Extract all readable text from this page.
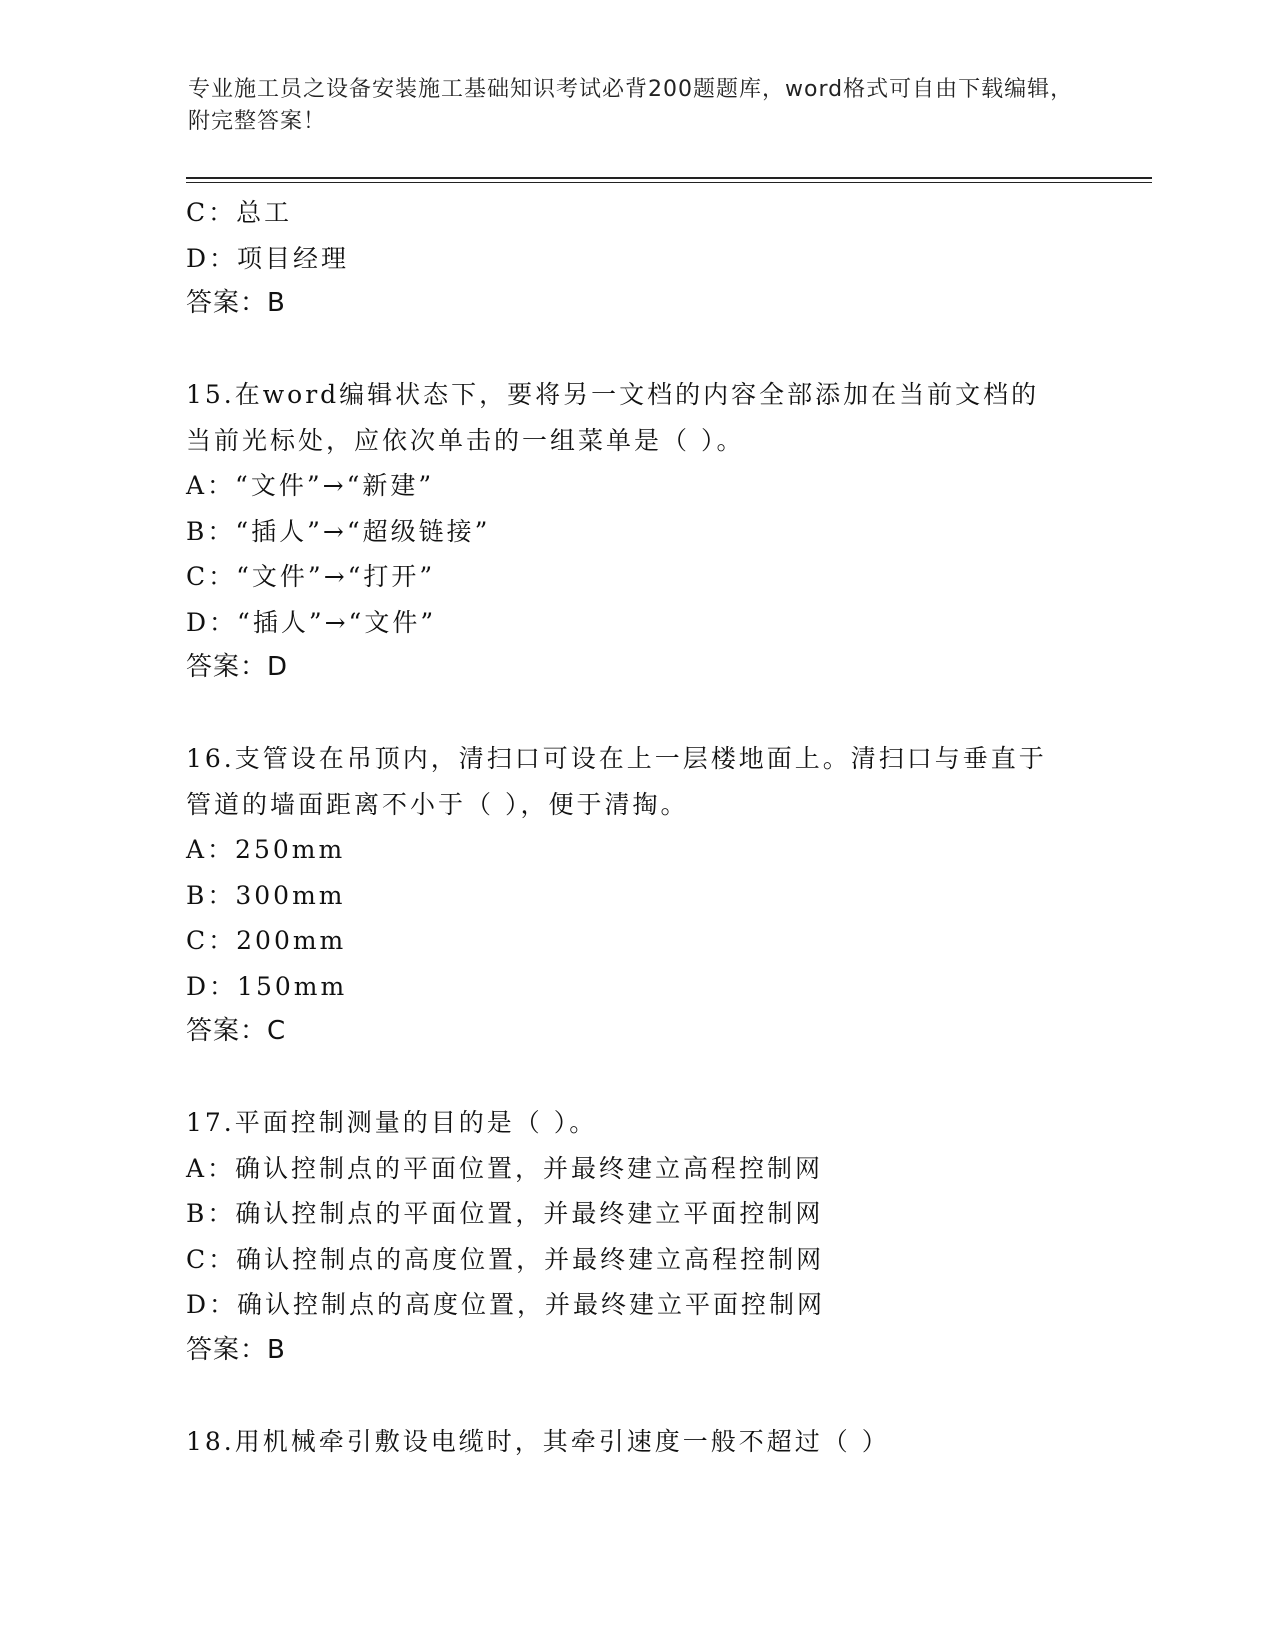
专业施工员之设备安装施工基础知识考试必背200题题库，word格式可自由下载编辑，附完整答案！
C：总工
D：项目经理
答案：B
15.在word编辑状态下，要将另一文档的内容全部添加在当前文档的
当前光标处，应依次单击的一组菜单是（ ）。
A：“文件”→“新建”
B：“插人”→“超级链接”
C：“文件”→“打开”
D：“插人”→“文件”
答案：D
16.支管设在吊顶内，清扫口可设在上一层楼地面上。清扫口与垂直于
管道的墙面距离不小于（ ），便于清掏。
A：250mm
B：300mm
C：200mm
D：150mm
答案：C
17.平面控制测量的目的是（ ）。
A：确认控制点的平面位置，并最终建立高程控制网
B：确认控制点的平面位置，并最终建立平面控制网
C：确认控制点的高度位置，并最终建立高程控制网
D：确认控制点的高度位置，并最终建立平面控制网
答案：B
18.用机械牵引敷设电缆时，其牵引速度一般不超过（ ）
